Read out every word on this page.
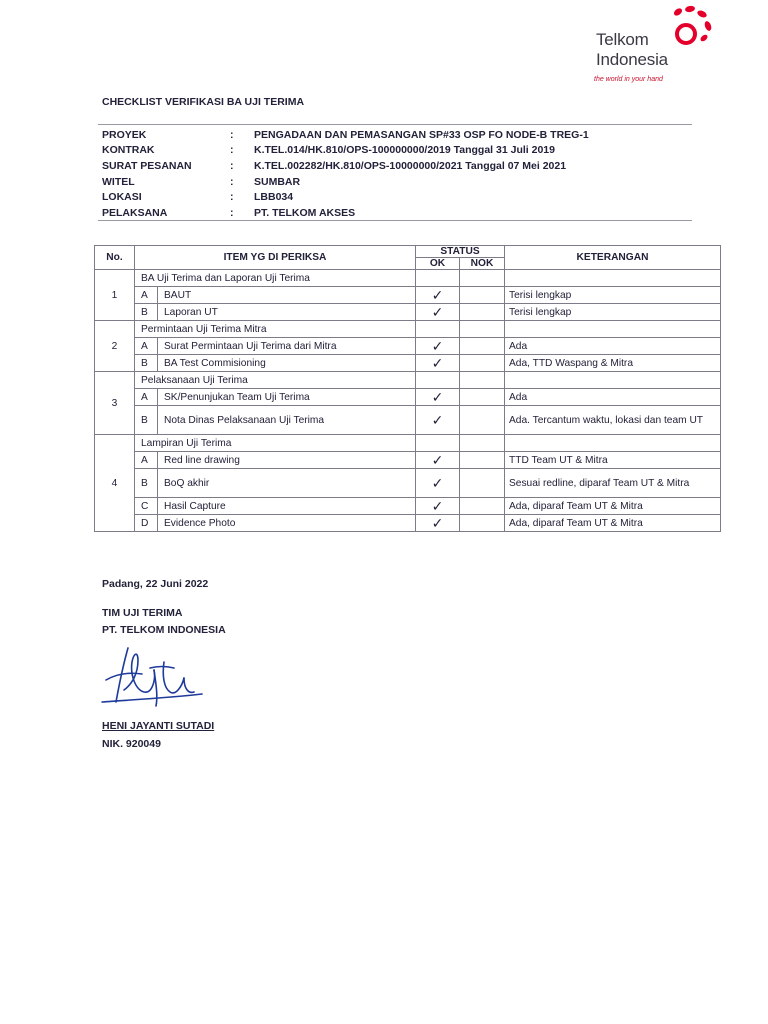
Telkom
Indonesia
the world in your hand
CHECKLIST VERIFIKASI BA UJI TERIMA
PROYEK	:	PENGADAAN DAN PEMASANGAN SP#33 OSP FO NODE-B TREG-1
KONTRAK	:	K.TEL.014/HK.810/OPS-100000000/2019 Tanggal 31 Juli 2019
SURAT PESANAN	:	K.TEL.002282/HK.810/OPS-10000000/2021 Tanggal 07 Mei 2021
WITEL	:	SUMBAR
LOKASI	:	LBB034
PELAKSANA	:	PT. TELKOM AKSES
No.	ITEM YG DI PERIKSA		STATUS		KETERANGAN
			OK	NOK	
1	BA Uji Terima dan Laporan Uji Terima				
	A	BAUT	✓		Terisi lengkap
	B	Laporan UT	✓		Terisi lengkap
2	Permintaan Uji Terima Mitra				
	A	Surat Permintaan Uji Terima dari Mitra	✓		Ada
	B	BA Test Commisioning	✓		Ada, TTD Waspang & Mitra
3	Pelaksanaan Uji Terima				
	A	SK/Penunjukan Team Uji Terima	✓		Ada
	B	Nota Dinas Pelaksanaan Uji Terima	✓		Ada. Tercantum waktu, lokasi dan team UT
4	Lampiran Uji Terima				
	A	Red line drawing	✓		TTD Team UT & Mitra
	B	BoQ akhir	✓		Sesuai redline, diparaf Team UT & Mitra
	C	Hasil Capture	✓		Ada, diparaf Team UT & Mitra
	D	Evidence Photo	✓		Ada, diparaf Team UT & Mitra
Padang, 22 Juni 2022
TIM UJI TERIMA
PT. TELKOM INDONESIA
HENI JAYANTI SUTADI
NIK. 920049
